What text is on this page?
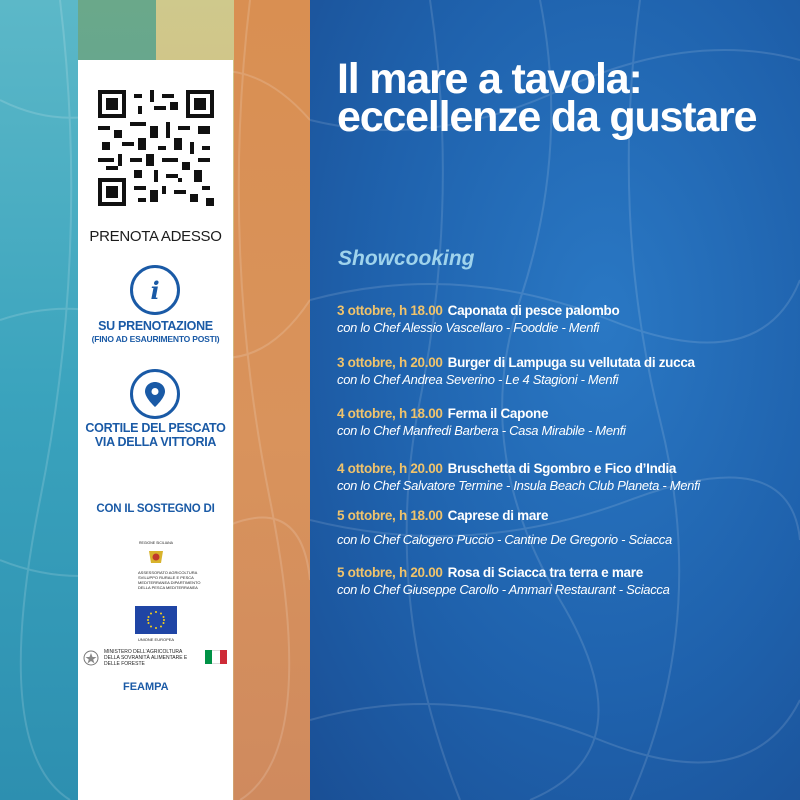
PRENOTA ADESSO
i
SU PRENOTAZIONE
(FINO AD ESAURIMENTO POSTI)
CORTILE DEL PESCATO
VIA DELLA VITTORIA
CON IL SOSTEGNO DI
REGIONE SICILIANA
ASSESSORATO AGRICOLTURA SVILUPPO RURALE E PESCA MEDITERRANEA DIPARTIMENTO DELLA PESCA MEDITERRANEA
UNIONE EUROPEA
MINISTERO DELL'AGRICOLTURA DELLA SOVRANITÀ ALIMENTARE E DELLE FORESTE
FEAMPA
Il mare a tavola: eccellenze da gustare
Showcooking
3 ottobre, h 18.00 Caponata di pesce palombo
con lo Chef Alessio Vascellaro - Fooddie - Menfi
3 ottobre, h 20.00 Burger di Lampuga su vellutata di zucca
con lo Chef Andrea Severino - Le 4 Stagioni - Menfi
4 ottobre, h 18.00 Ferma il Capone
con lo Chef Manfredi Barbera - Casa Mirabile - Menfi
4 ottobre, h 20.00 Bruschetta di Sgombro e Fico d’India
con lo Chef Salvatore Termine - Insula Beach Club Planeta - Menfi
5 ottobre, h 18.00 Caprese di mare
con lo Chef Calogero Puccio - Cantine De Gregorio - Sciacca
5 ottobre, h 20.00 Rosa di Sciacca tra terra e mare
con lo Chef Giuseppe Carollo - Ammari Restaurant - Sciacca
